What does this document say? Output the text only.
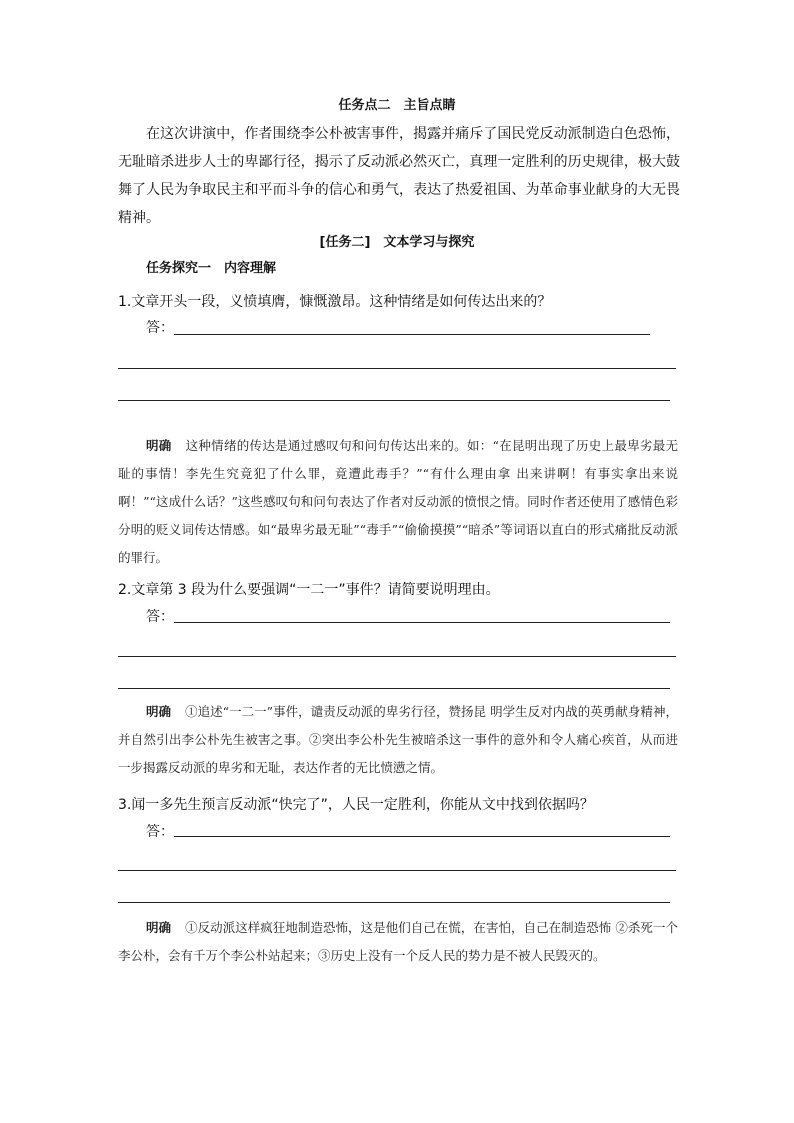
任务点二　主旨点睛
在这次讲演中，作者围绕李公朴被害事件，揭露并痛斥了国民党反动派制造白色恐怖，无耻暗杀进步人士的卑鄙行径，揭示了反动派必然灭亡，真理一定胜利的历史规律，极大鼓舞了人民为争取民主和平而斗争的信心和勇气，表达了热爱祖国、为革命事业献身的大无畏精神。
[任务二]　文本学习与探究
任务探究一　内容理解
1.文章开头一段，义愤填膺，慷慨激昂。这种情绪是如何传达出来的？
答：
明确 这种情绪的传达是通过感叹句和问句传达出来的。如：“在昆明出现了历史上最卑劣最无耻的事情！李先生究竟犯了什么罪，竟遭此毒手？”“有什么理由拿 出来讲啊！有事实拿出来说啊！”“这成什么话？”这些感叹句和问句表达了作者对反动派的愤恨之情。同时作者还使用了感情色彩分明的贬义词传达情感。如“最卑劣最无耻”“毒手”“偷偷摸摸”“暗杀”等词语以直白的形式痛批反动派的罪行。
2.文章第 3 段为什么要强调“一二一”事件？请简要说明理由。
答：
明确 ①追述“一二一”事件，谴责反动派的卑劣行径，赞扬昆 明学生反对内战的英勇献身精神，并自然引出李公朴先生被害之事。②突出李公朴先生被暗杀这一事件的意外和令人痛心疾首，从而进一步揭露反动派的卑劣和无耻，表达作者的无比愤懑之情。
3.闻一多先生预言反动派“快完了”，人民一定胜利，你能从文中找到依据吗？
答：
明确 ①反动派这样疯狂地制造恐怖，这是他们自己在慌，在害怕，自己在制造恐怖 ②杀死一个李公朴，会有千万个李公朴站起来；③历史上没有一个反人民的势力是不被人民毁灭的。
